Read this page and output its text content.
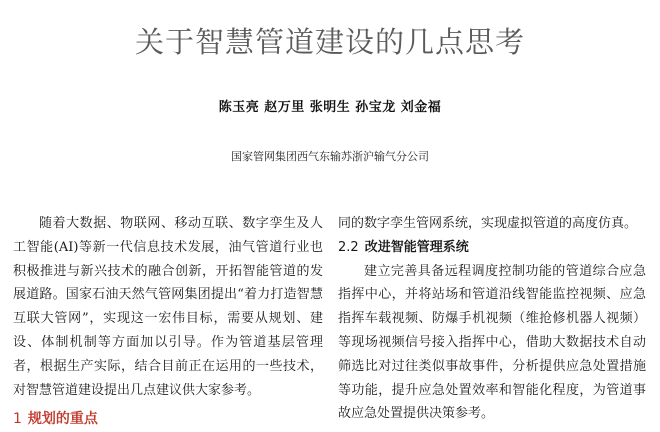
关于智慧管道建设的几点思考
陈玉亮 赵万里 张明生 孙宝龙 刘金福
国家管网集团西气东输苏浙沪输气分公司

随着大数据、物联网、移动互联、数字孪生及人工智能(AI)等新一代信息技术发展，油气管道行业也积极推进与新兴技术的融合创新，开拓智能管道的发展道路。国家石油天然气管网集团提出“着力打造智慧互联大管网”，实现这一宏伟目标，需要从规划、建设、体制机制等方面加以引导。作为管道基层管理者，根据生产实际，结合目前正在运用的一些技术，对智慧管道建设提出几点建议供大家参考。

1 规划的重点

同的数字孪生管网系统，实现虚拟管道的高度仿真。

2.2 改进智能管理系统

建立完善具备远程调度控制功能的管道综合应急指挥中心，并将站场和管道沿线智能监控视频、应急指挥车载视频、防爆手机视频（维抢修机器人视频）等现场视频信号接入指挥中心，借助大数据技术自动筛选比对过往类似事故事件，分析提供应急处置措施等功能，提升应急处置效率和智能化程度，为管道事故应急处置提供决策参考。
